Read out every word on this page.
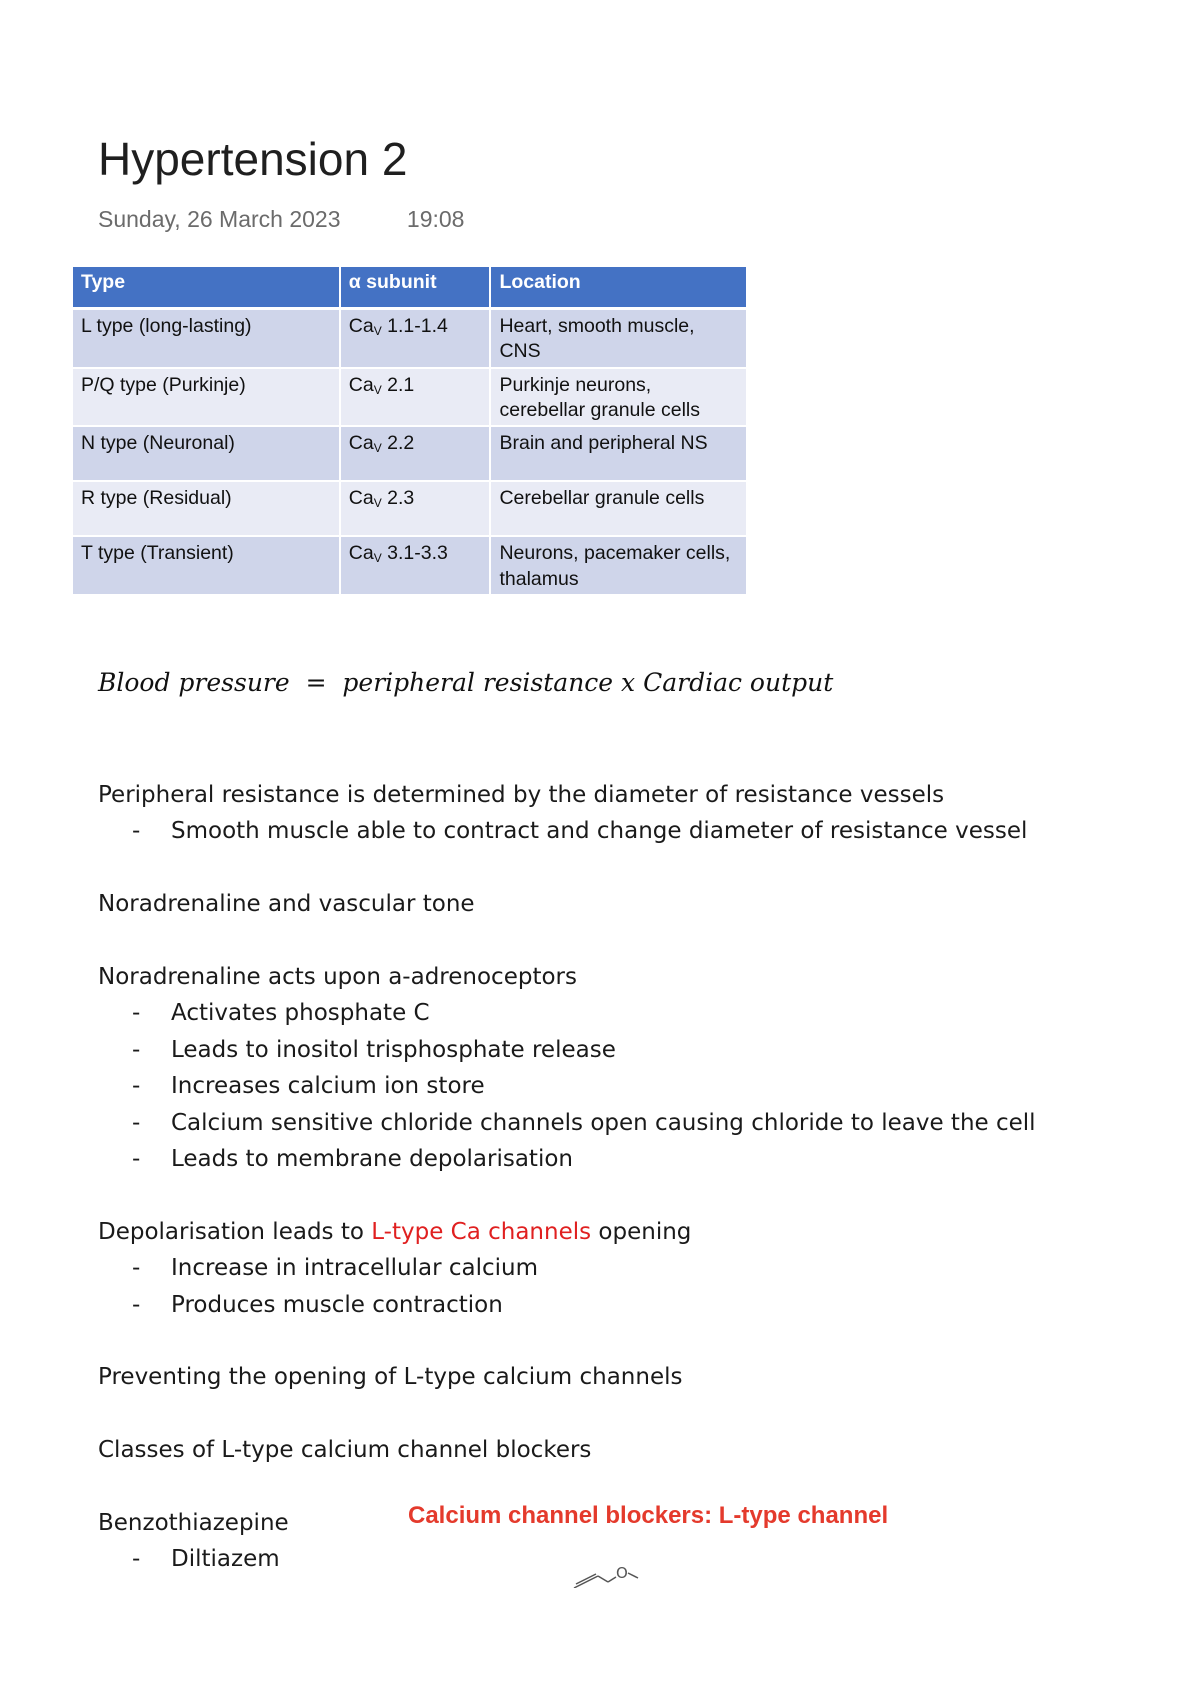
Hypertension 2
Sunday, 26 March 2023	19:08
Type	α subunit	Location
L type (long-lasting)	$Ca_V$ 1.1-1.4	Heart, smooth muscle, CNS
P/Q type (Purkinje)	$Ca_V$ 2.1	Purkinje neurons, cerebellar granule cells
N type (Neuronal)	$Ca_V$ 2.2	Brain and peripheral NS
R type (Residual)	$Ca_V$ 2.3	Cerebellar granule cells
T type (Transient)	$Ca_V$ 3.1-3.3	Neurons, pacemaker cells, thalamus
Blood pressure  =  peripheral resistance x Cardiac output

Peripheral resistance is determined by the diameter of resistance vessels

- Smooth muscle able to contract and change diameter of resistance vessel

Noradrenaline and vascular tone

Noradrenaline acts upon a-adrenoceptors

- Activates phosphate C
- Leads to inositol trisphosphate release
- Increases calcium ion store
- Calcium sensitive chloride channels open causing chloride to leave the cell
- Leads to membrane depolarisation

Depolarisation leads to L-type Ca channels opening

- Increase in intracellular calcium
- Produces muscle contraction

Preventing the opening of L-type calcium channels

Classes of L-type calcium channel blockers

Benzothiazepine

- Diltiazem
Calcium channel blockers: L-type channel
O
